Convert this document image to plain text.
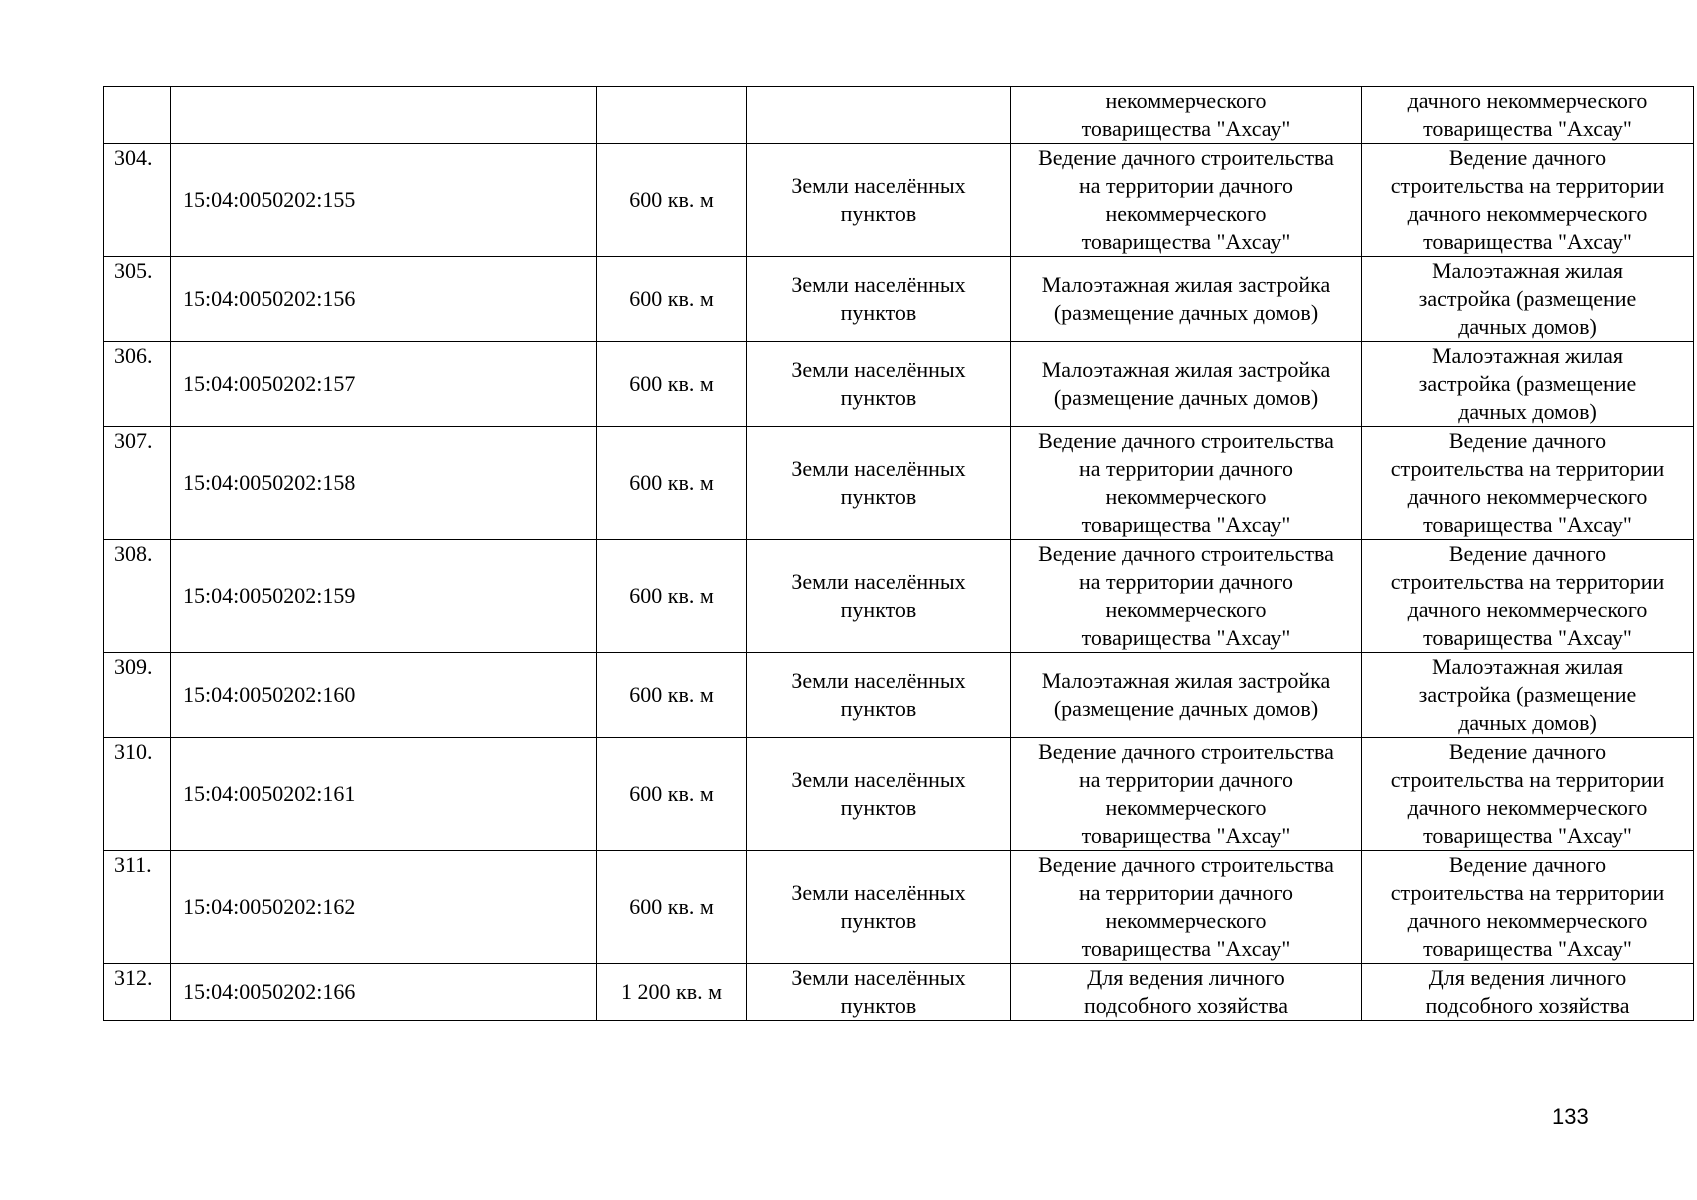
				некоммерческого
товарищества "Ахсау"	дачного некоммерческого
товарищества "Ахсау"

304.	15:04:0050202:155	600 кв. м	Земли населённых
пунктов	Ведение дачного строительства
на территории дачного
некоммерческого
товарищества "Ахсау"	Ведение дачного
строительства на территории
дачного некоммерческого
товарищества "Ахсау"

305.	15:04:0050202:156	600 кв. м	Земли населённых
пунктов	Малоэтажная жилая застройка
(размещение дачных домов)	Малоэтажная жилая
застройка (размещение
дачных домов)

306.	15:04:0050202:157	600 кв. м	Земли населённых
пунктов	Малоэтажная жилая застройка
(размещение дачных домов)	Малоэтажная жилая
застройка (размещение
дачных домов)

307.	15:04:0050202:158	600 кв. м	Земли населённых
пунктов	Ведение дачного строительства
на территории дачного
некоммерческого
товарищества "Ахсау"	Ведение дачного
строительства на территории
дачного некоммерческого
товарищества "Ахсау"

308.	15:04:0050202:159	600 кв. м	Земли населённых
пунктов	Ведение дачного строительства
на территории дачного
некоммерческого
товарищества "Ахсау"	Ведение дачного
строительства на территории
дачного некоммерческого
товарищества "Ахсау"

309.	15:04:0050202:160	600 кв. м	Земли населённых
пунктов	Малоэтажная жилая застройка
(размещение дачных домов)	Малоэтажная жилая
застройка (размещение
дачных домов)

310.	15:04:0050202:161	600 кв. м	Земли населённых
пунктов	Ведение дачного строительства
на территории дачного
некоммерческого
товарищества "Ахсау"	Ведение дачного
строительства на территории
дачного некоммерческого
товарищества "Ахсау"

311.	15:04:0050202:162	600 кв. м	Земли населённых
пунктов	Ведение дачного строительства
на территории дачного
некоммерческого
товарищества "Ахсау"	Ведение дачного
строительства на территории
дачного некоммерческого
товарищества "Ахсау"

312.	15:04:0050202:166	1 200 кв. м	Земли населённых
пунктов	Для ведения личного
подсобного хозяйства	Для ведения личного
подсобного хозяйства
133
